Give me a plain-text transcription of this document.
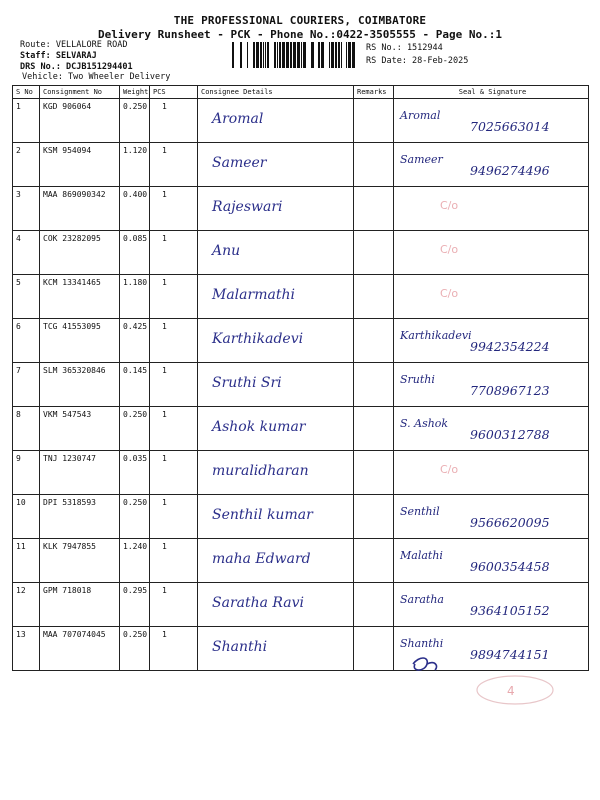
THE PROFESSIONAL COURIERS, COIMBATORE
Delivery Runsheet - PCK - Phone No.:0422-3505555 - Page No.:1
Route: VELLALORE ROAD
Staff: SELVARAJ
DRS No.: DCJB151294401
Vehicle: Two Wheeler Delivery
RS No.: 1512944
RS Date: 28-Feb-2025
S No	Consignment No	Weight	PCS	Consignee Details	Remarks	Seal & Signature
1	KGD 906064	0.250	1	Aromal		Aromal
7025663014

2	KSM 954094	1.120	1	Sameer		Sameer
9496274496

3	MAA 869090342	0.400	1	Rajeswari		C/o

4	COK 23282095	0.085	1	Anu		C/o

5	KCM 13341465	1.180	1	Malarmathi		C/o

6	TCG 41553095	0.425	1	Karthikadevi		Karthikadevi
9942354224

7	SLM 365320846	0.145	1	Sruthi Sri		Sruthi
7708967123

8	VKM 547543	0.250	1	Ashok kumar		S. Ashok
9600312788

9	TNJ 1230747	0.035	1	muralidharan		C/o

10	DPI 5318593	0.250	1	Senthil kumar		Senthil
9566620095

11	KLK 7947855	1.240	1	maha Edward		Malathi
9600354458

12	GPM 718018	0.295	1	Saratha Ravi		Saratha
9364105152

13	MAA 707074045	0.250	1	Shanthi		Shanthi
9894744151
4
